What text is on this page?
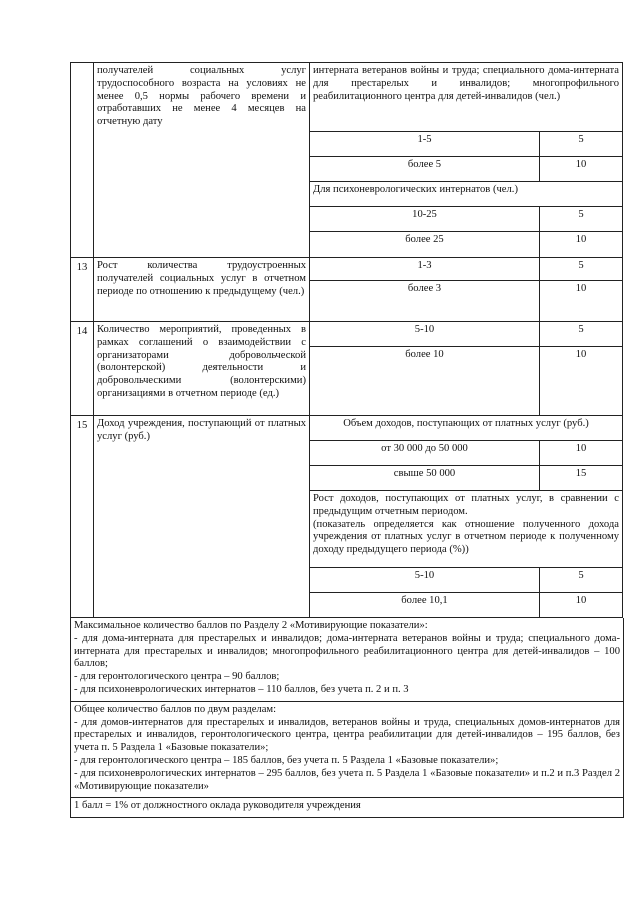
	получателей социальных услуг трудоспособного возраста на условиях не менее 0,5 нормы рабочего времени и отработавших не менее 4 месяцев на отчетную дату	интерната ветеранов войны и труда; специального дома-интерната для престарелых и инвалидов; многопрофильного реабилитационного центра для детей-инвалидов (чел.)	
		1-5	5
		более 5	10
		Для психоневрологических интернатов (чел.)	
		10-25	5
		более 25	10
13	Рост количества трудоустроенных получателей социальных услуг в отчетном периоде по отношению к предыдущему (чел.)	1-3	5
		более 3	10
14	Количество мероприятий, проведенных в рамках соглашений о взаимодействии с организаторами добровольческой (волонтерской) деятельности и добровольческими (волонтерскими) организациями в отчетном периоде (ед.)	5-10	5
		более 10	10
15	Доход учреждения, поступающий от платных услуг (руб.)	Объем доходов, поступающих от платных услуг (руб.)	
		от 30 000 до 50 000	10
		свыше 50 000	15

		Рост доходов, поступающих от платных услуг, в сравнении с предыдущим отчетным периодом.
(показатель определяется как отношение полученного дохода учреждения от платных услуг в отчетном периоде к полученному доходу предыдущего периода (%))	

		5-10	5
		более 10,1	10
Максимальное количество баллов по Разделу 2 «Мотивирующие показатели»:
- для дома-интерната для престарелых и инвалидов; дома-интерната ветеранов войны и труда; специального дома-интерната для престарелых и инвалидов; многопрофильного реабилитационного центра для детей-инвалидов – 100 баллов;
- для геронтологического центра – 90 баллов;
- для психоневрологических интернатов – 110 баллов, без учета п. 2 и п. 3
Общее количество баллов по двум разделам:
- для домов-интернатов для престарелых и инвалидов, ветеранов войны и труда, специальных домов-интернатов для престарелых и инвалидов, геронтологического центра, центра реабилитации для детей-инвалидов – 195 баллов, без учета п. 5 Раздела 1 «Базовые показатели»;
- для геронтологического центра – 185 баллов, без учета п. 5 Раздела 1 «Базовые показатели»;
- для психоневрологических интернатов – 295 баллов, без учета п. 5 Раздела 1 «Базовые показатели» и п.2 и п.3 Раздел 2 «Мотивирующие показатели»
1 балл = 1% от должностного оклада руководителя учреждения
